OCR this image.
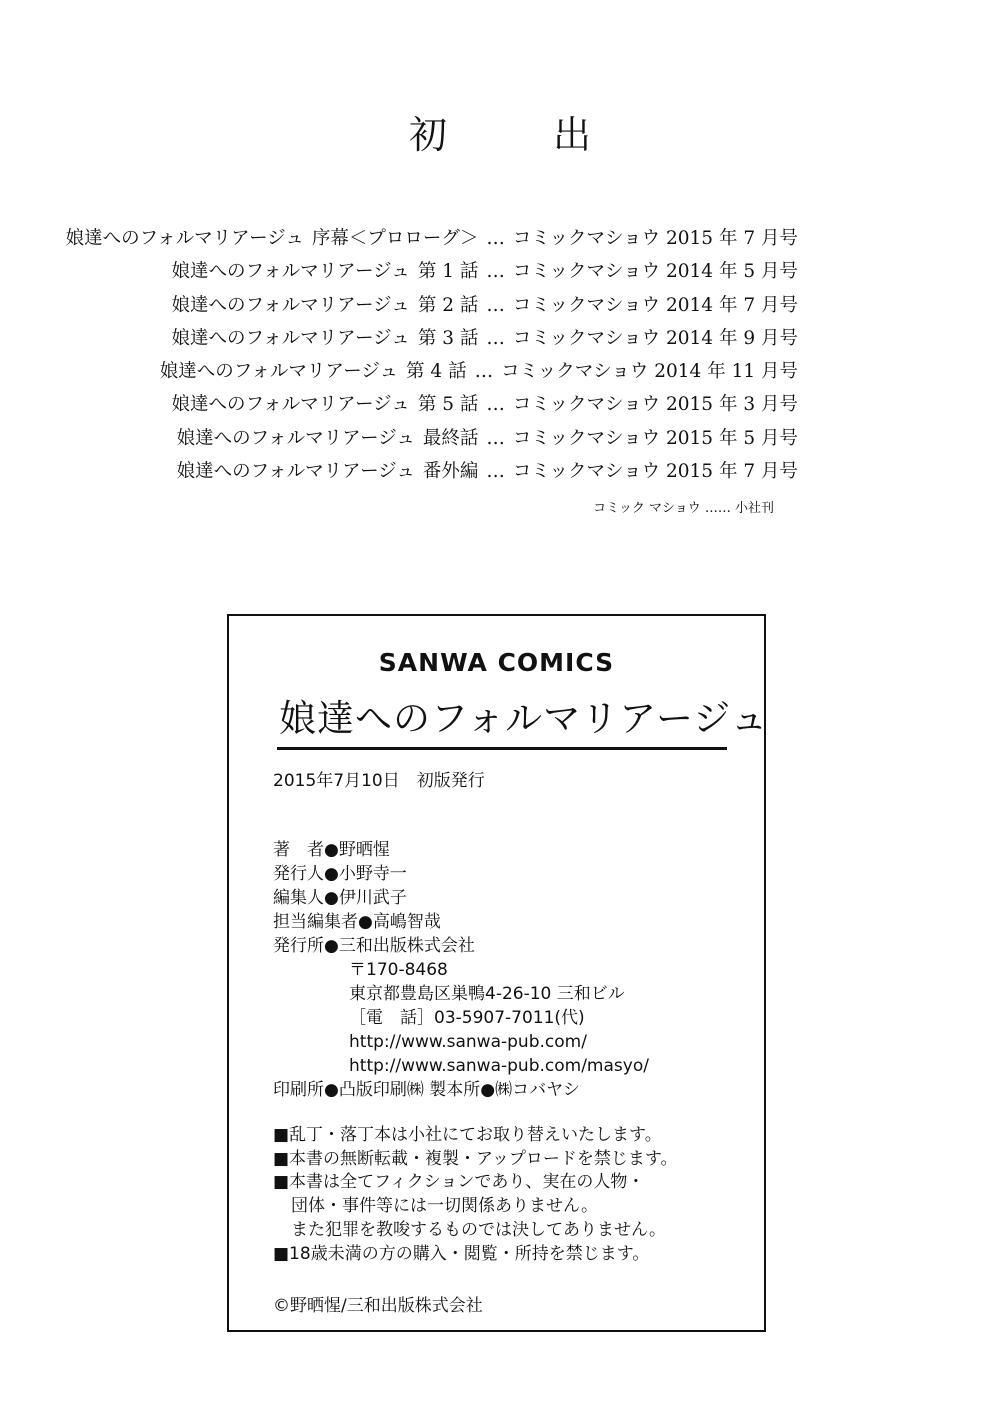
初　出
娘達へのフォルマリアージュ 序幕＜プロローグ＞ … コミックマショウ 2015 年 7 月号
娘達へのフォルマリアージュ 第 1 話 … コミックマショウ 2014 年 5 月号
娘達へのフォルマリアージュ 第 2 話 … コミックマショウ 2014 年 7 月号
娘達へのフォルマリアージュ 第 3 話 … コミックマショウ 2014 年 9 月号
娘達へのフォルマリアージュ 第 4 話 … コミックマショウ 2014 年 11 月号
娘達へのフォルマリアージュ 第 5 話 … コミックマショウ 2015 年 3 月号
娘達へのフォルマリアージュ 最終話 … コミックマショウ 2015 年 5 月号
娘達へのフォルマリアージュ 番外編 … コミックマショウ 2015 年 7 月号
コミック マショウ …… 小社刊
SANWA COMICS
娘達へのフォルマリアージュ
2015年7月10日　初版発行
著　者●野晒惺
発行人●小野寺一
編集人●伊川武子
担当編集者●高嶋智哉
発行所●三和出版株式会社
〒170-8468
東京都豊島区巣鴨4-26-10 三和ビル
［電　話］03-5907-7011(代)
http://www.sanwa-pub.com/
http://www.sanwa-pub.com/masyo/
印刷所●凸版印刷㈱ 製本所●㈱コバヤシ
■乱丁・落丁本は小社にてお取り替えいたします。
■本書の無断転載・複製・アップロードを禁じます。
■本書は全てフィクションであり、実在の人物・
団体・事件等には一切関係ありません。
また犯罪を教唆するものでは決してありません。
■18歳未満の方の購入・閲覧・所持を禁じます。
©野晒惺/三和出版株式会社
